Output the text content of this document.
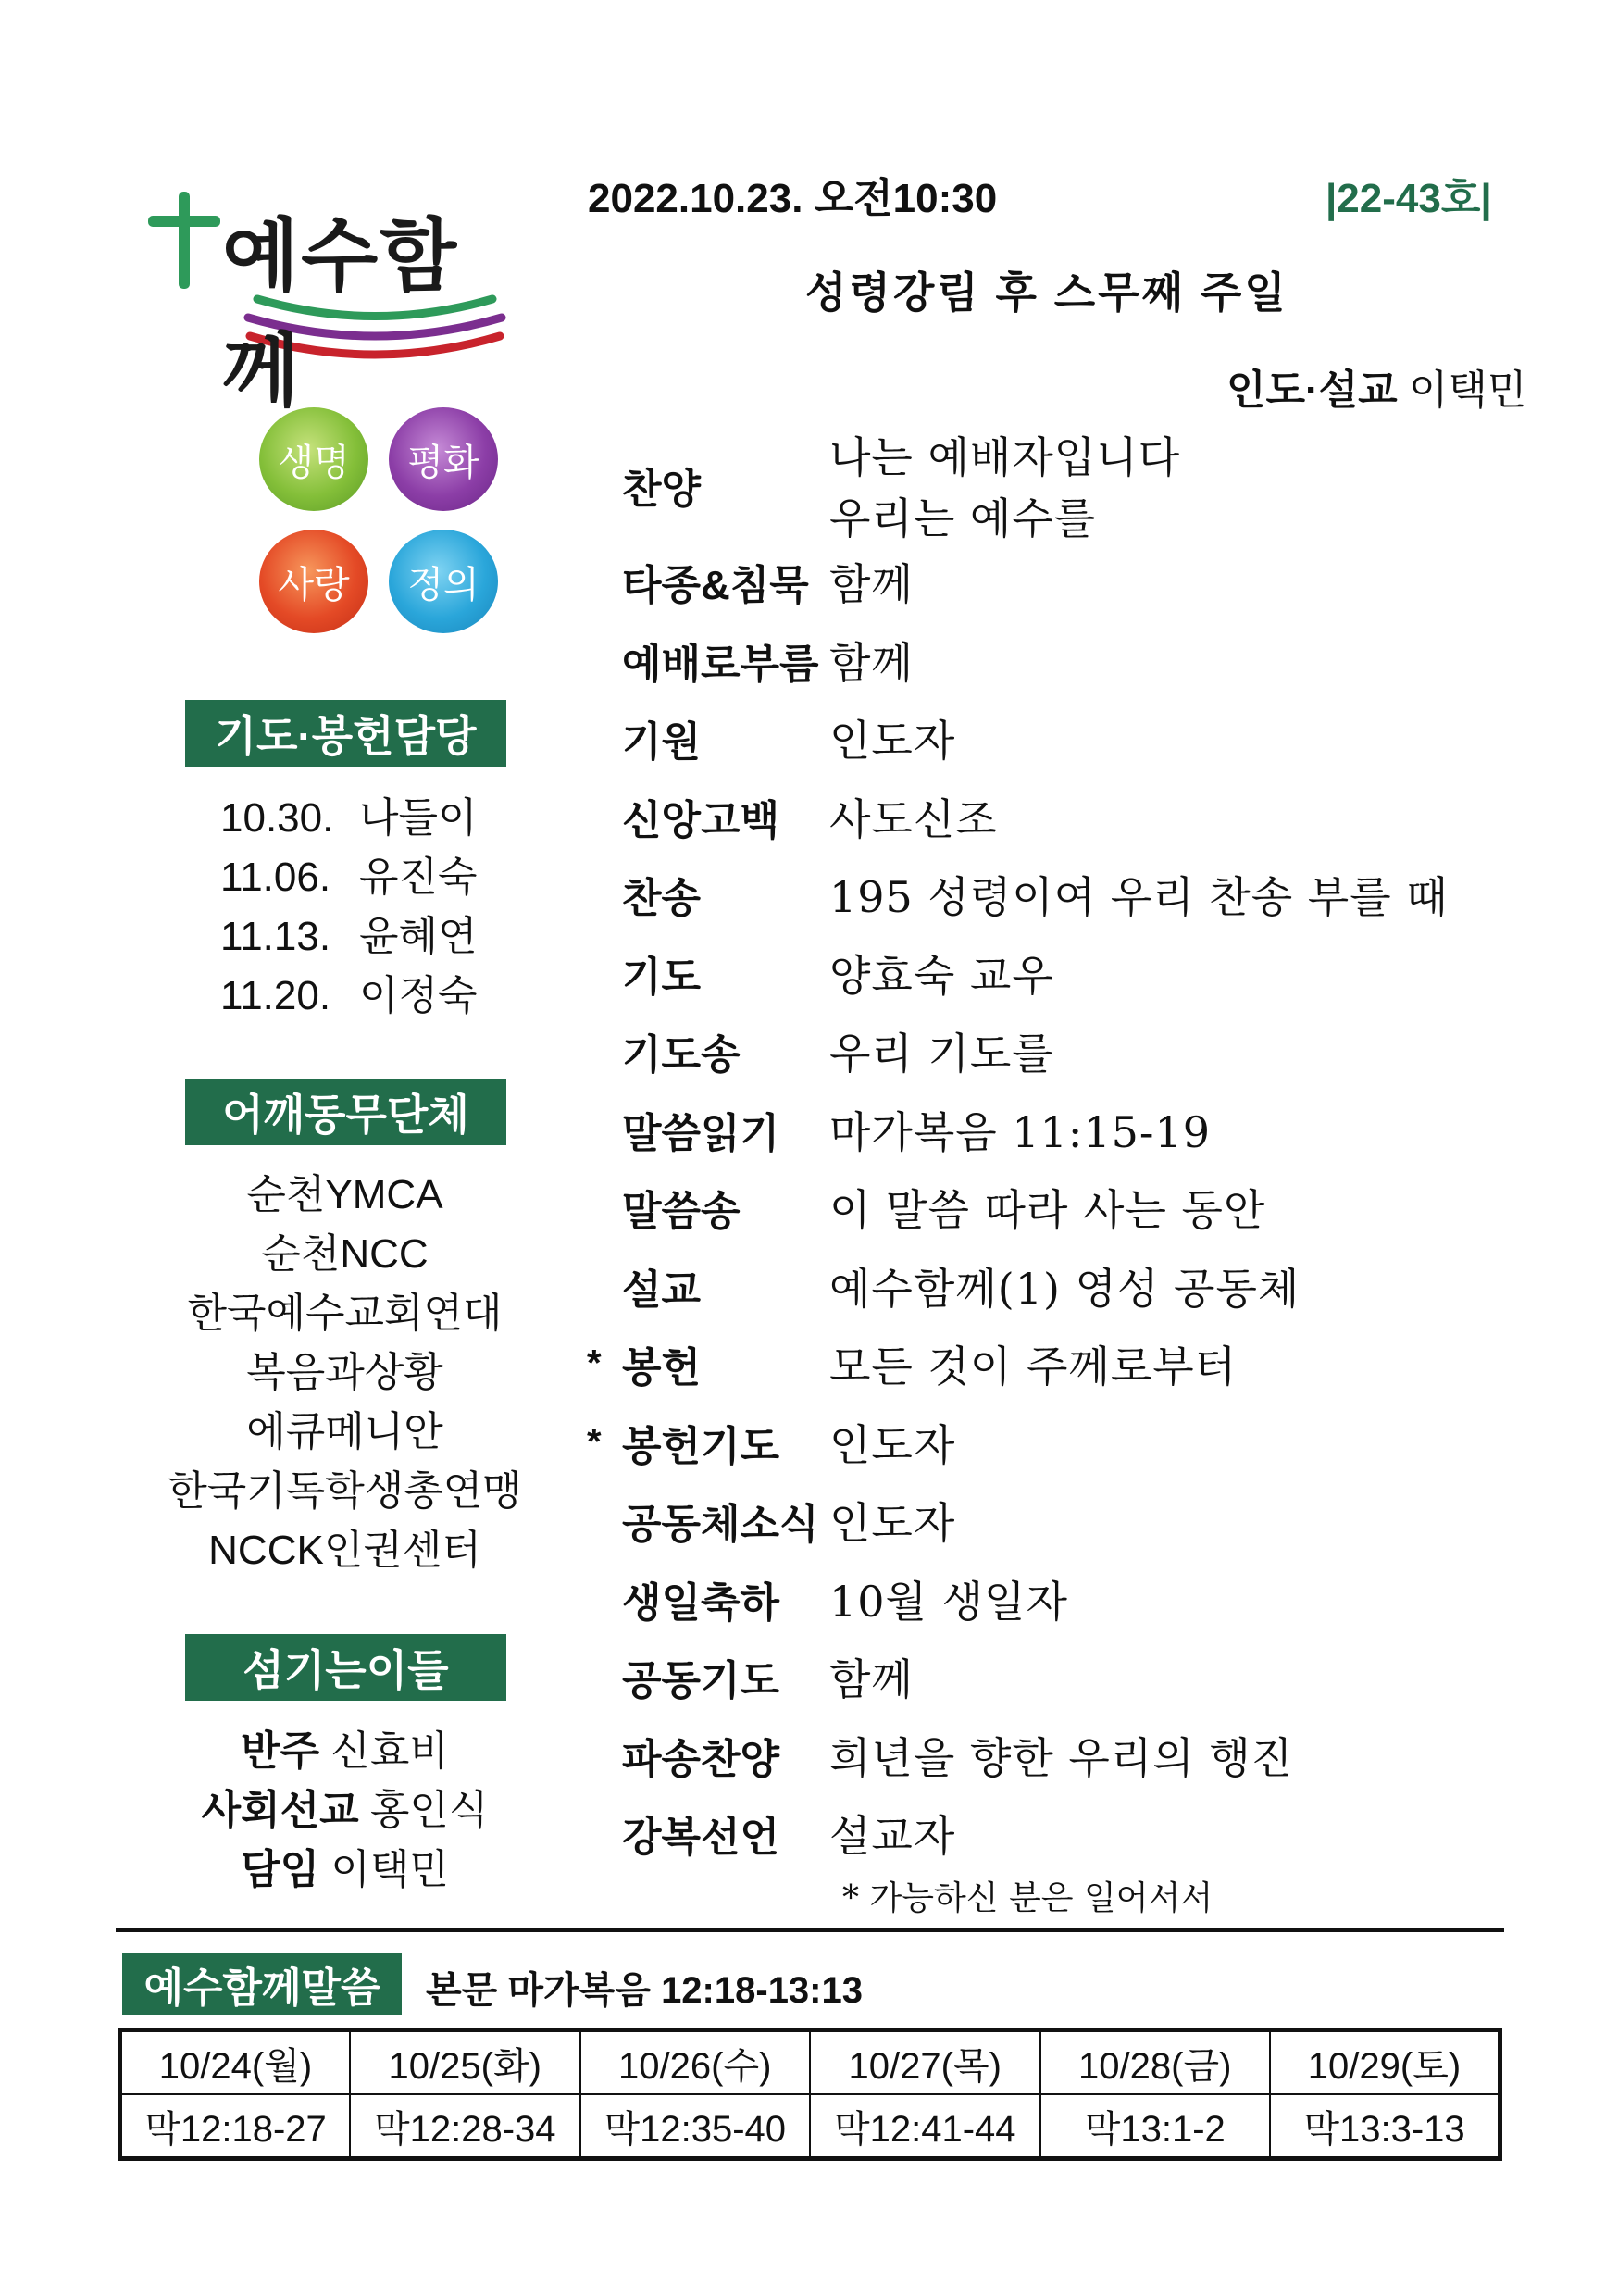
예수함께
생명	평화
사랑	정의
기도·봉헌담당
10.30. 나들이
11.06. 유진숙
11.13. 윤혜연
11.20. 이정숙
어깨동무단체
순천YMCA
순천NCC
한국예수교회연대
복음과상황
에큐메니안
한국기독학생총연맹
NCCK인권센터
섬기는이들
반주 신효비
사회선교 홍인식
담임 이택민
2022.10.23. 오전10:30	|22-43호|
성령강림 후 스무째 주일
인도·설교 이택민
찬양
나는 예배자입니다
우리는 예수를
타종&침묵 함께
예배로부름 함께
기원	인도자
신앙고백 사도신조
찬송	195 성령이여 우리 찬송 부를 때
기도	양효숙 교우
기도송 우리 기도를
말씀읽기 마가복음 11:15-19
말씀송 이 말씀 따라 사는 동안
설교	예수함께(1) 영성 공동체
* 봉헌	모든 것이 주께로부터
* 봉헌기도 인도자
공동체소식 인도자
생일축하 10월 생일자
공동기도 함께
파송찬양 희년을 향한 우리의 행진
강복선언 설교자
* 가능하신 분은 일어서서
예수함께말씀	본문 마가복음 12:18-13:13
10/24(월)	10/25(화)	10/26(수)	10/27(목)	10/28(금)	10/29(토)
막12:18-27	막12:28-34	막12:35-40	막12:41-44	막13:1-2	막13:3-13
